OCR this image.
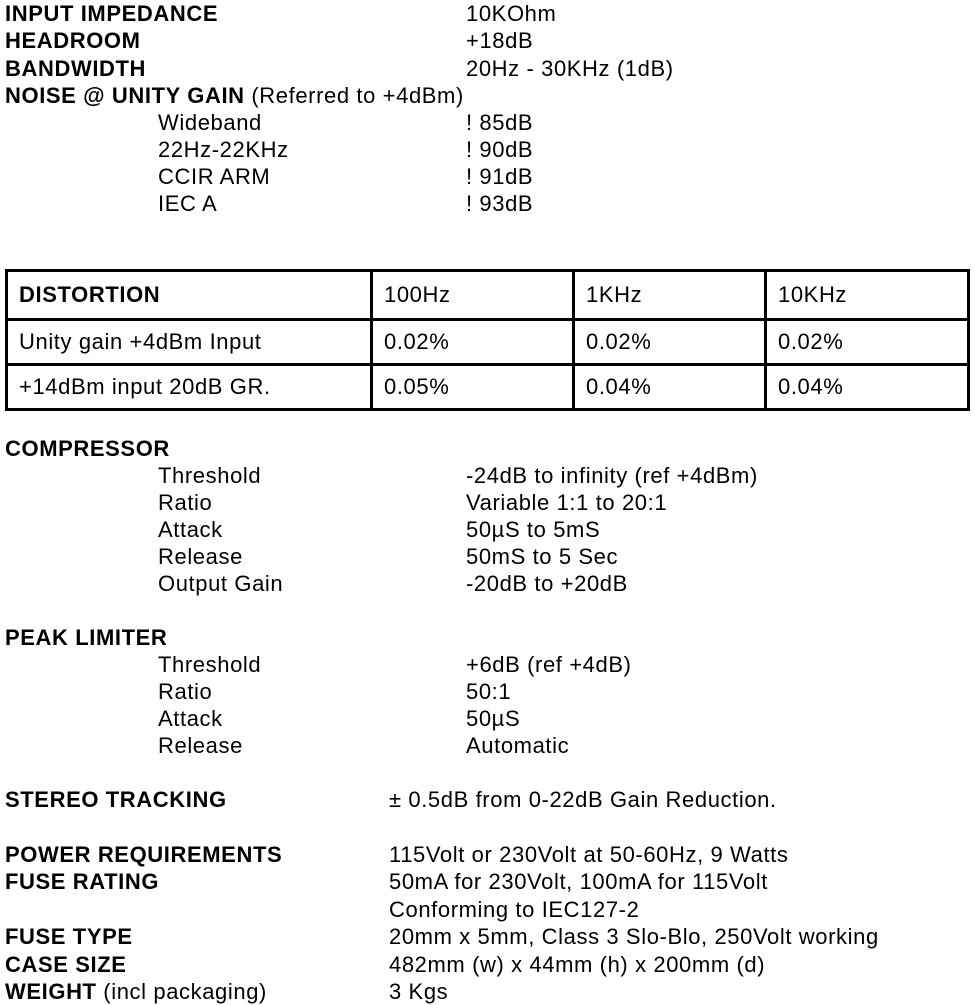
INPUT IMPEDANCE	10KOhm
HEADROOM	+18dB
BANDWIDTH	20Hz - 30KHz (1dB)
NOISE @ UNITY GAIN (Referred to +4dBm)
Wideband	! 85dB
22Hz-22KHz	! 90dB
CCIR ARM	! 91dB
IEC A	! 93dB
DISTORTION	100Hz	1KHz	10KHz
Unity gain +4dBm Input	0.02%	0.02%	0.02%
+14dBm input 20dB GR.	0.05%	0.04%	0.04%
COMPRESSOR
Threshold	-24dB to infinity (ref +4dBm)
Ratio	Variable 1:1 to 20:1
Attack	50µS to 5mS
Release	50mS to 5 Sec
Output Gain	-20dB to +20dB
PEAK LIMITER
Threshold	+6dB (ref +4dB)
Ratio	50:1
Attack	50µS
Release	Automatic
STEREO TRACKING	± 0.5dB from 0-22dB Gain Reduction.
POWER REQUIREMENTS	115Volt or 230Volt at 50-60Hz, 9 Watts
FUSE RATING	50mA for 230Volt, 100mA for 115Volt
Conforming to IEC127-2
FUSE TYPE	20mm x 5mm, Class 3 Slo-Blo, 250Volt working
CASE SIZE	482mm (w) x 44mm (h) x 200mm (d)
WEIGHT (incl packaging)	3 Kgs
